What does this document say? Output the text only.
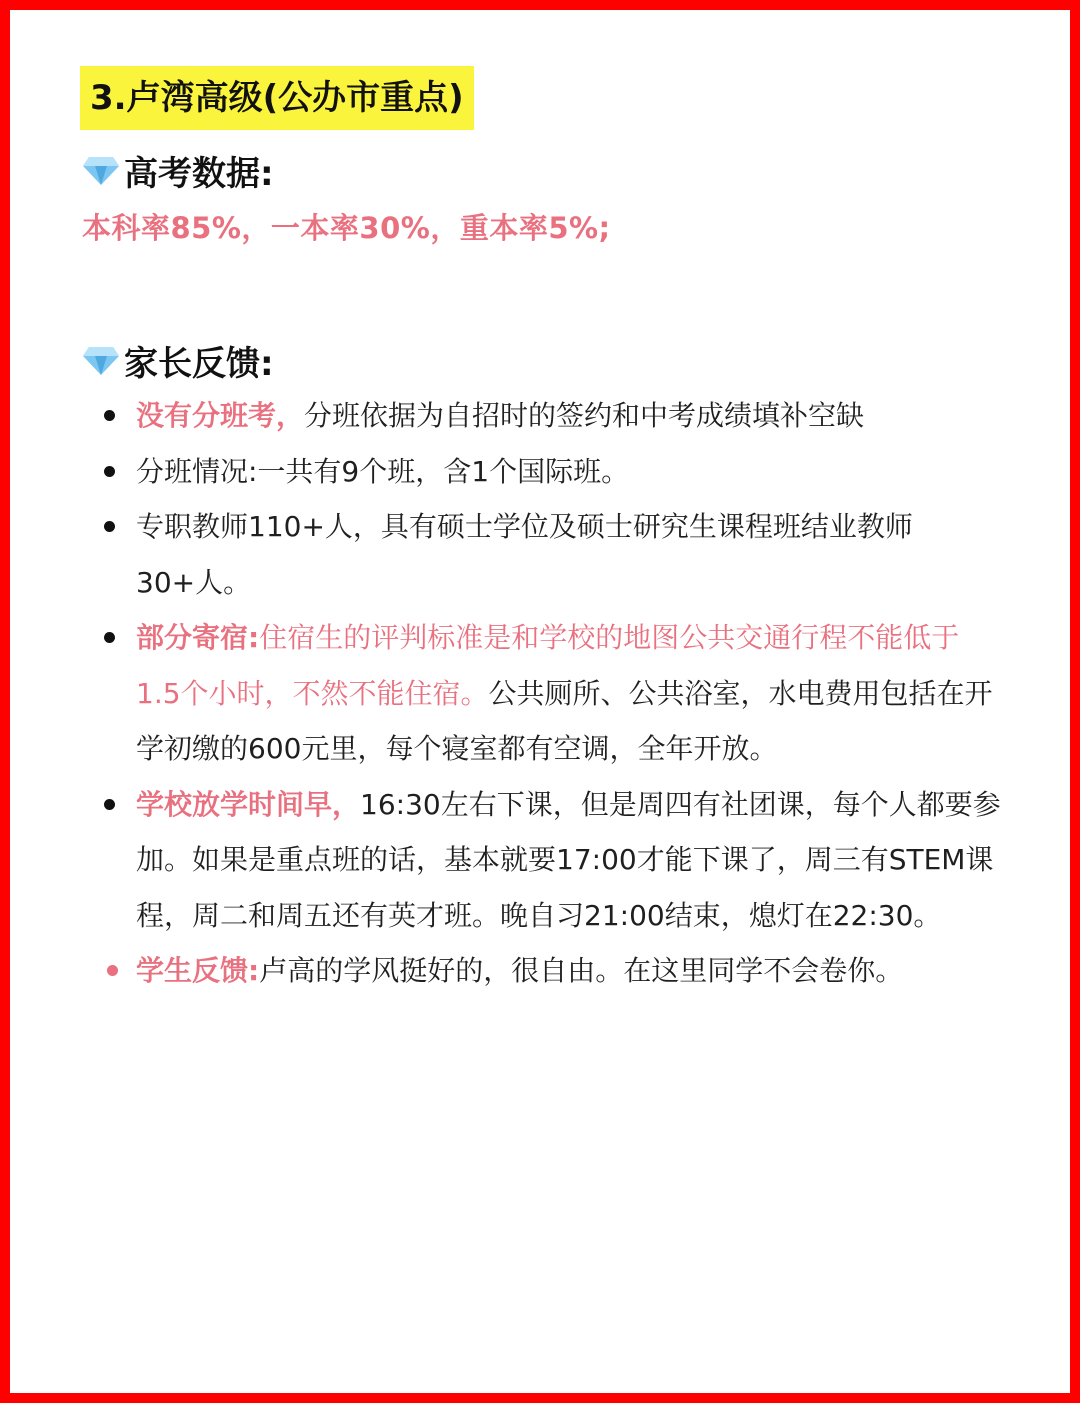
3.卢湾高级(公办市重点)
高考数据:
本科率85%，一本率30%，重本率5%;
家长反馈:
没有分班考，分班依据为自招时的签约和中考成绩填补空缺
分班情况:一共有9个班，含1个国际班。
专职教师110+人，具有硕士学位及硕士研究生课程班结业教师30+人。
部分寄宿:住宿生的评判标准是和学校的地图公共交通行程不能低于1.5个小时，不然不能住宿。公共厕所、公共浴室，水电费用包括在开学初缴的600元里，每个寝室都有空调，全年开放。
学校放学时间早，16:30左右下课，但是周四有社团课，每个人都要参加。如果是重点班的话，基本就要17:00才能下课了，周三有STEM课程，周二和周五还有英才班。晚自习21:00结束，熄灯在22:30。
学生反馈:卢高的学风挺好的，很自由。在这里同学不会卷你。
